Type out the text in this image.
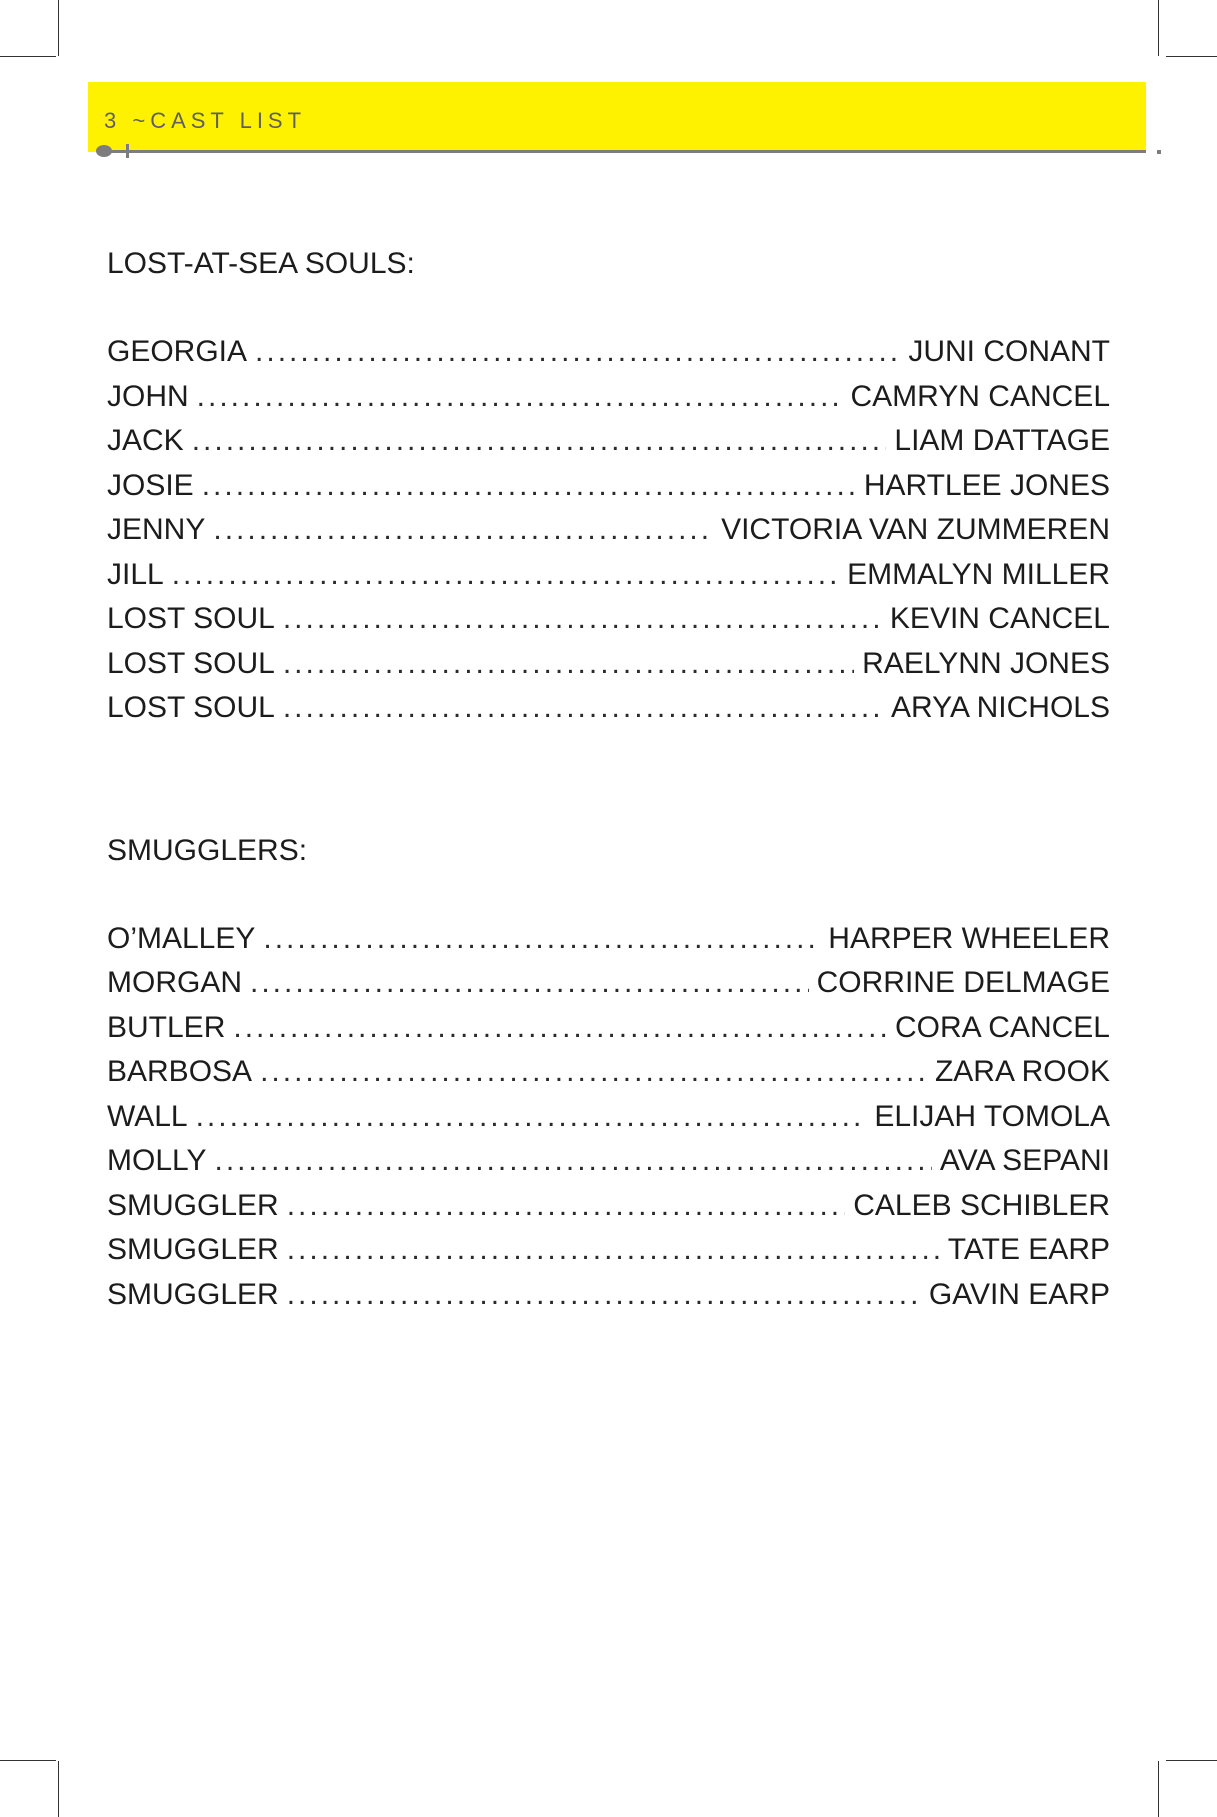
3 ~CAST LIST
LOST-AT-SEA SOULS:
GEORGIA .....	JUNI CONANT
JOHN .....	CAMRYN CANCEL
JACK .....	LIAM DATTAGE
JOSIE .....	HARTLEE JONES
JENNY .....	VICTORIA VAN ZUMMEREN
JILL .....	EMMALYN MILLER
LOST SOUL .....	KEVIN CANCEL
LOST SOUL .....	RAELYNN JONES
LOST SOUL .....	ARYA NICHOLS
SMUGGLERS:
O’MALLEY .....	HARPER WHEELER
MORGAN .....	CORRINE DELMAGE
BUTLER .....	CORA CANCEL
BARBOSA .....	ZARA ROOK
WALL .....	ELIJAH TOMOLA
MOLLY .....	AVA SEPANI
SMUGGLER .....	CALEB SCHIBLER
SMUGGLER .....	TATE EARP
SMUGGLER .....	GAVIN EARP
